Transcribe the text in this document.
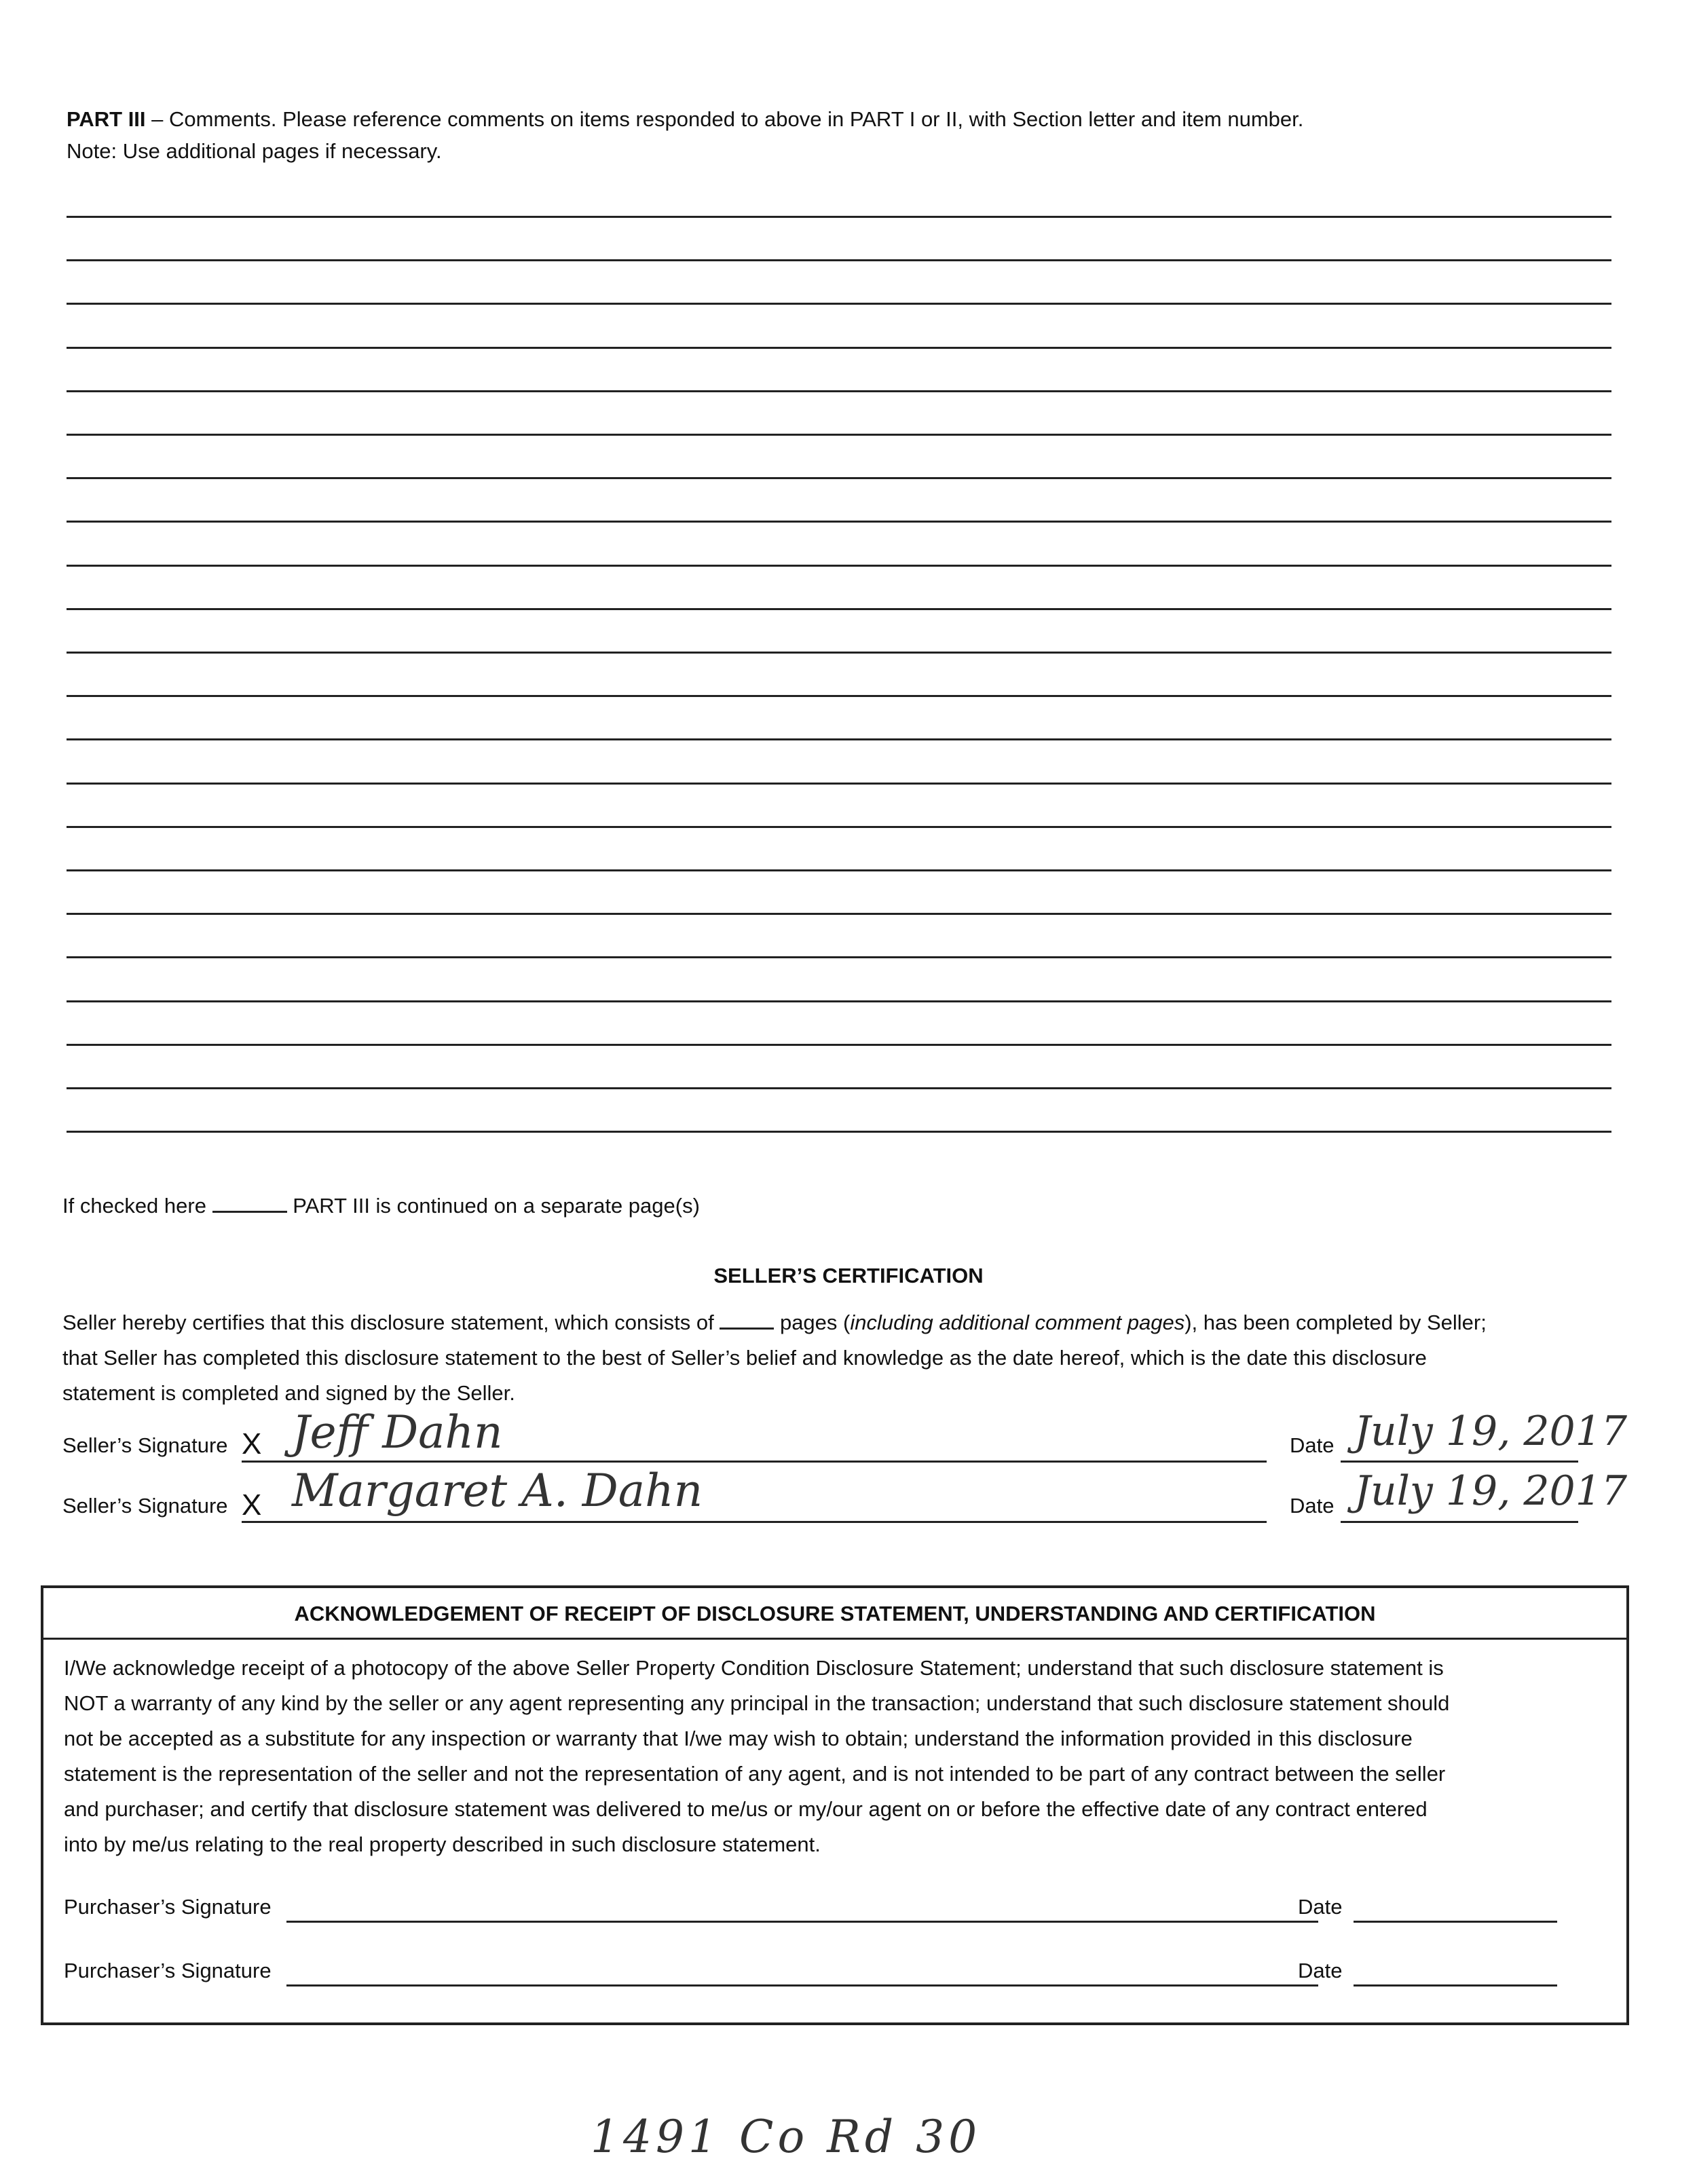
PART III – Comments. Please reference comments on items responded to above in PART I or II, with Section letter and item number.
Note: Use additional pages if necessary.
If checked here	PART III is continued on a separate page(s)
SELLER’S CERTIFICATION
Seller hereby certifies that this disclosure statement, which consists of	pages (including additional comment pages), has been completed by Seller;
that Seller has completed this disclosure statement to the best of Seller’s belief and knowledge as the date hereof, which is the date this disclosure
statement is completed and signed by the Seller.
Seller’s Signature X Jeff Dahn	Date July 19, 2017
Seller’s Signature X Margaret A. Dahn	Date July 19, 2017
ACKNOWLEDGEMENT OF RECEIPT OF DISCLOSURE STATEMENT, UNDERSTANDING AND CERTIFICATION
I/We acknowledge receipt of a photocopy of the above Seller Property Condition Disclosure Statement; understand that such disclosure statement is
NOT a warranty of any kind by the seller or any agent representing any principal in the transaction; understand that such disclosure statement should
not be accepted as a substitute for any inspection or warranty that I/we may wish to obtain; understand the information provided in this disclosure
statement is the representation of the seller and not the representation of any agent, and is not intended to be part of any contract between the seller
and purchaser; and certify that disclosure statement was delivered to me/us or my/our agent on or before the effective date of any contract entered
into by me/us relating to the real property described in such disclosure statement.
Purchaser’s Signature	Date
Purchaser’s Signature	Date
1491 Co Rd 30
